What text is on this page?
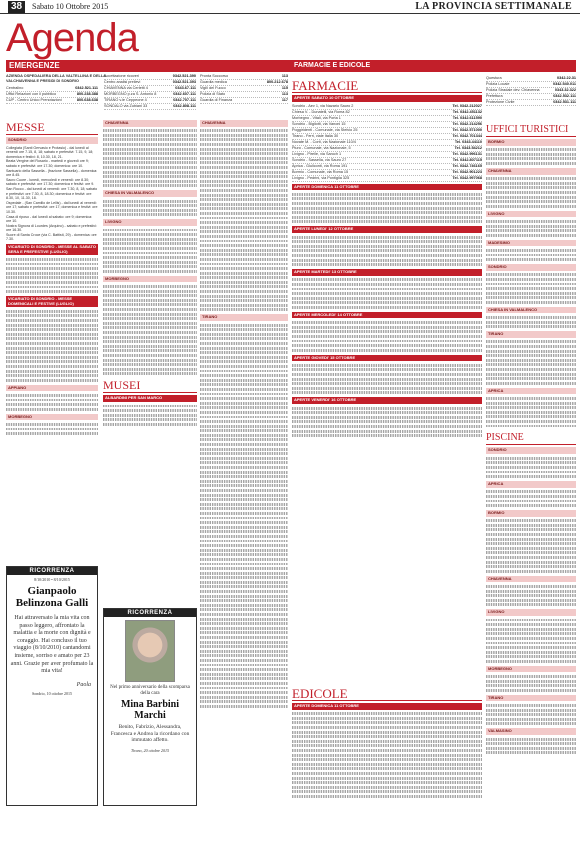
38	Sabato 10 Ottobre 2015	LA PROVINCIA SETTIMANALE
Agenda
EMERGENZE	FARMACIE E EDICOLE
AZIENDA OSPEDALIERA DELLA VALTELLINA E DELLA VALCHIAVENNA E PRESIDI DI SONDRIO
Centralino	0342.521.111
Uffici Relazioni con il pubblico	800.238.388
CUP - Centro Unico Prenotazioni	800.638.638
Accettazione ricoveri	0342.521.390
Centro analisi prelievi	0342.521.393
CHIAVENNA via Cerletti 4	0343.67.111
MORBEGNO p.za S. Antonio 8	0342.607.111
TIRANO v.le Ceppeone 4	0342.707.111
SONDALO via Zubiani 33	0342.808.111
Pronta Soccorso	113
Guardia medica	800.212.678
Vigili del Fuoco	115
Polizia di Stato	113
Guardia di Finanza	117
MESSE
SONDRIO

Collegiata (Santi Gervasio e Protasio) - dal lunedì al venerdì ore 7.15, 8, 18; sabato e prefestivi: 7.15, 9, 18; domenica e festivi: 8, 10.30, 18, 21.

Beata Vergine del Rosario - martedì e giovedì ore 9; sabato e prefestivi: ore 17.30; domenica: ore 10.

Santuario della Sassella - (frazione Sassella) - domenica: ore 8.45.

Sacro Cuore - lunedì, mercoledì e venerdì: ore 8.30; sabato e prefestivi: ore 17.30; domenica e festivi: ore 9.

San Rocco - dal lunedì al venerdì: ore 7.30, 8, 18; sabato e prefestivi: ore 7.30, 8, 18.30; domenica e festivi: ore 8.30, 10, 11.30, 18.

Ospedale - (San Camillo de Lellis) - dal lunedì al venerdì: ore 17; sabato e prefestivi: ore 17; domenica e festivi: ore 10.30.

Casa di riposo - dal lunedì al sabato: ore 9; domenica: ore 10.

Nostra Signora di Lourdes (Arquino) - sabato e prefestivi: ore 16.30.

Suore di Santa Croce (via C. Battisti, 29) - domenica: ore 7.30.

VICARIATO DI SONDRIO - MESSE AL SABATO SERA E PREFESTIVE (LUGLIO)
VICARIATO DI SONDRIO - MESSE DOMENICALI E FESTIVE (LUGLIO)
APPIANO
MORBEGNO
RICORRENZA
8/10/2010 • 8/10/2015
Gianpaolo Belinzona Galli
Hai attraversato la mia vita con passo leggero, affrontato la malattia e la morte con dignità e coraggio. Hai concluso il tuo viaggio (8/10/2010) cantandomi insieme, sorriso e amato per 23 anni. Grazie per aver profumato la mia vita!
Paola
Sondrio, 10 ottobre 2015
RICORRENZA
Nel primo anniversario della scomparsa della cara
Mina Barbini Marchi
Benito, Fabrizio, Alessandra, Francesca e Andrea la ricordano con immutato affetto.
Tirano, 20 ottobre 2015
CHIAVENNA
CHIESA IN VALMALENCO
LIVIGNO
MORBEGNO
MUSEI
ALBARDINI PER SAN MARCO
CHIAVENNA
TIRANO
FARMACIE
APERTE SABATO 10 OTTOBRE
Sondrio - Aev 1, via Nazario Sauro 2	Tel. 0342.212027
Chiesa V. - Dunatelli, via Roma 82	Tel. 0342.451132
Morbegno - Vitali, via Porta 1	Tel. 0342.611590
Sondrio - Bigliotti, via Vanoni 15	Tel. 0342.214256
Poggiridenti - Comunale, via Stelvio 25	Tel. 0342.571000
Tirano - Ferri, viale Italia 30	Tel. 0342.701344
Novate M. - Corti, via Nazionale 110/4	Tel. 0343.44110
Piuro - Comunale, via Nazionale, 5	Tel. 0343.54212
Livigno - Pirelle, via Saroch 1	Tel. 0342.996131
Sondrio - Sassella, via Sauro 27	Tel. 0342.807115
Aprica - Giuliconti, via Roma 191	Tel. 0342.746165
Bormio - Comunale, via Roma 15	Tel. 0342.901223
Livigno - Pedrini, via Pontiglia 325	Tel. 0342.997068
APERTE DOMENICA 11 OTTOBRE
APERTE LUNEDI' 12 OTTOBRE
APERTE MARTEDI' 13 OTTOBRE
APERTE MERCOLEDI' 14 OTTOBRE
APERTE GIOVEDI' 15 OTTOBRE
APERTE VENERDI' 16 OTTOBRE
EDICOLE
APERTE DOMENICA 11 OTTOBRE
Questura	0342.22.31
Polizia Locale	0342.540.011
Polizia Stradale dev. Chiavenna	0343.32.322
Prefettura	0342.532.111
Protezione Civile	0342.531.111
UFFICI TURISTICI
BORMIO
CHIAVENNA
LIVIGNO
MADESIMO
SONDRIO
CHIESA IN VALMALENCO
TIRANO
APRICA
PISCINE
SONDRIO
APRICA
BORMIO
CHIAVENNA
LIVIGNO
MORBEGNO
TIRANO
VALMASINO
